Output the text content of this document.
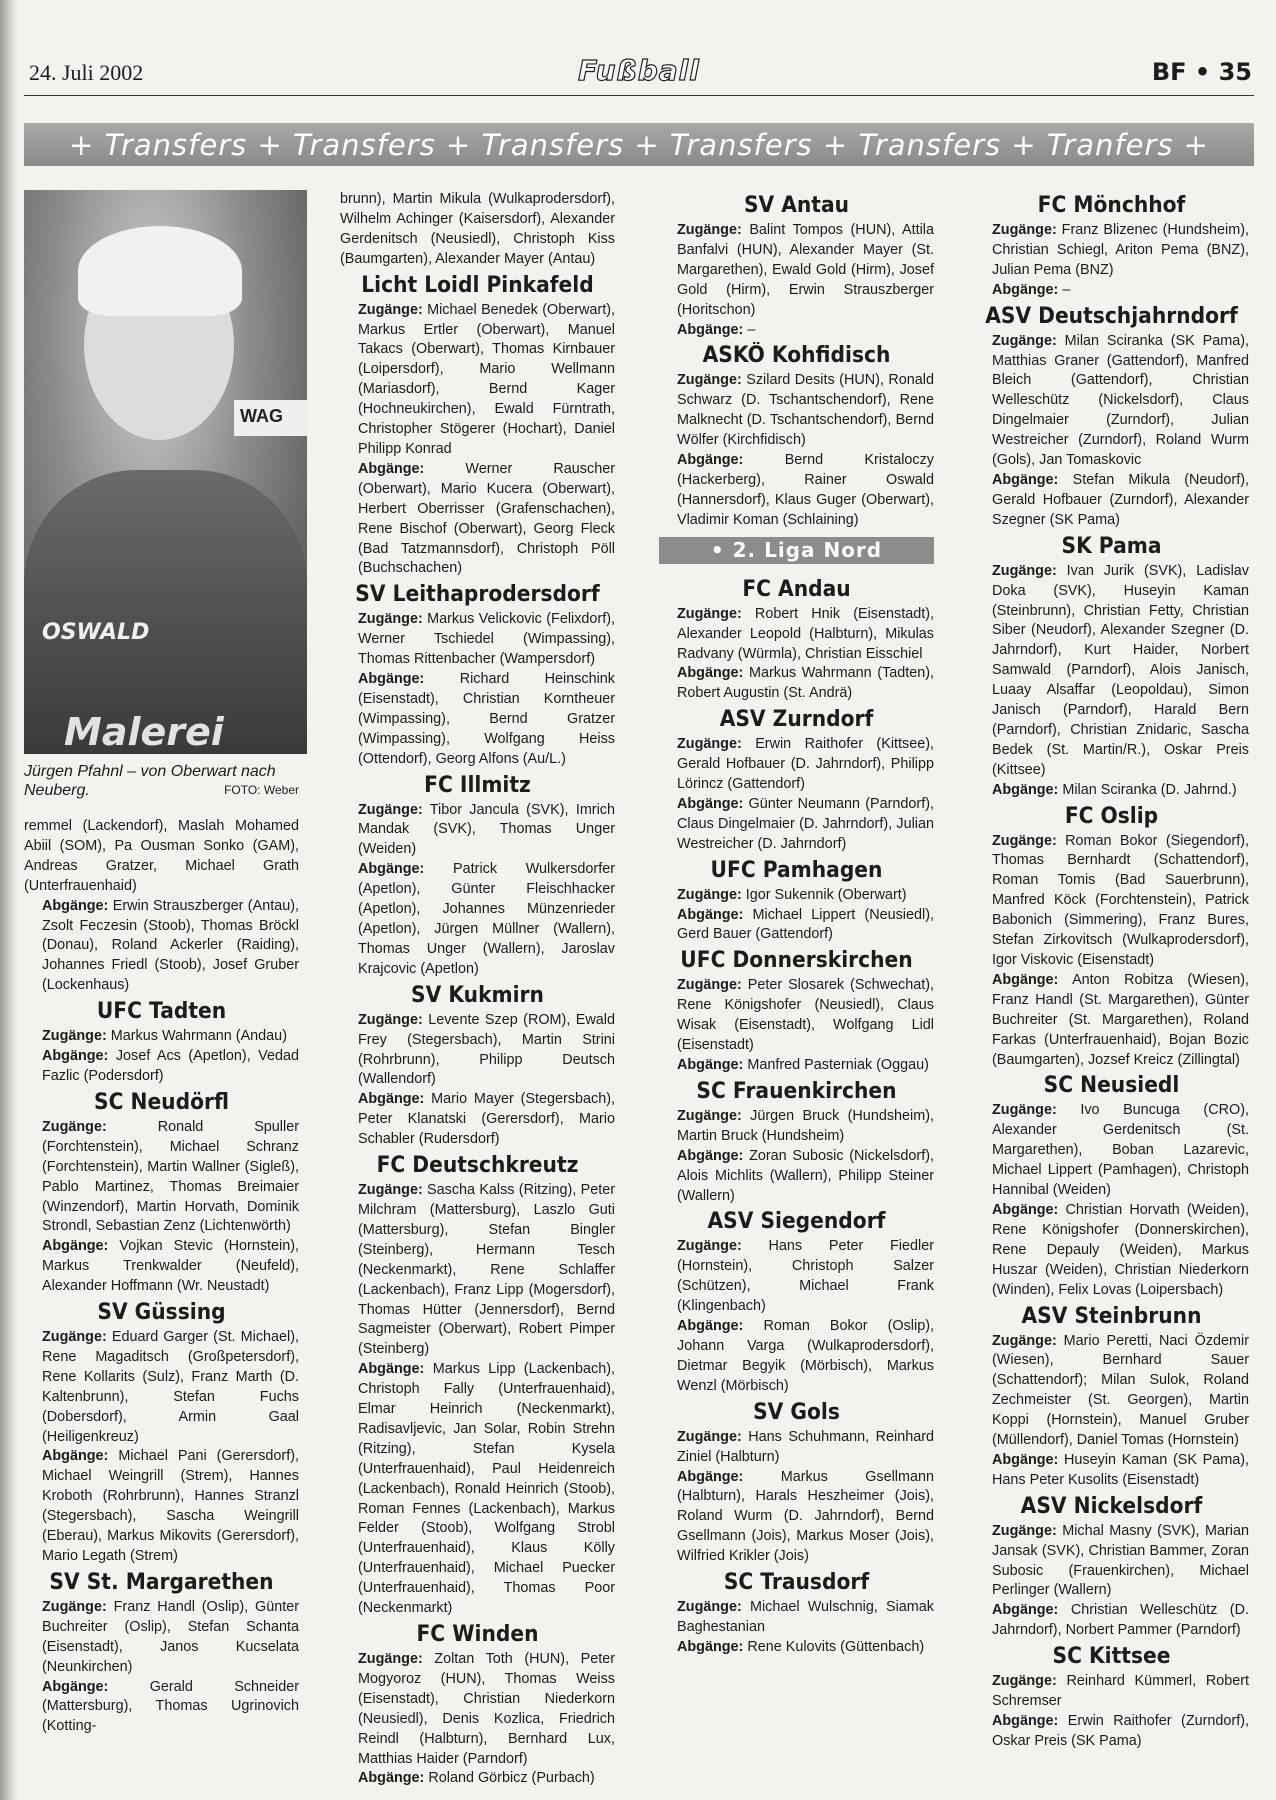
24. Juli 2002	Fußball	BF • 35
+ Transfers + Transfers + Transfers + Transfers + Transfers + Tranfers +
WAG
OSWALD
Malerei
Jürgen Pfahnl – von Oberwart nach Neuberg.	FOTO: Weber

remmel (Lackendorf), Maslah Mohamed Abiil (SOM), Pa Ousman Sonko (GAM), Andreas Gratzer, Michael Grath (Unterfrauenhaid)

Abgänge: Erwin Strauszberger (Antau), Zsolt Feczesin (Stoob), Thomas Bröckl (Donau), Roland Ackerler (Raiding), Johannes Friedl (Stoob), Josef Gruber (Lockenhaus)

UFC Tadten

Zugänge: Markus Wahrmann (Andau)

Abgänge: Josef Acs (Apetlon), Vedad Fazlic (Podersdorf)

SC Neudörfl

Zugänge:	Ronald Spuller (Forchtenstein), Michael Schranz (Forchtenstein), Martin Wallner (Sigleß), Pablo Martinez, Thomas Breimaier (Winzendorf), Martin Horvath, Dominik Strondl, Sebastian Zenz (Lichtenwörth)

Abgänge: Vojkan Stevic (Hornstein), Markus Trenkwalder (Neufeld), Alexander Hoffmann (Wr. Neustadt)

SV Güssing

Zugänge: Eduard Garger (St. Michael), Rene Magaditsch (Großpetersdorf), Rene Kollarits (Sulz), Franz Marth (D. Kaltenbrunn), Stefan Fuchs (Dobersdorf), Armin Gaal (Heiligenkreuz)

Abgänge: Michael Pani (Gerersdorf), Michael Weingrill (Strem), Hannes Kroboth (Rohrbrunn), Hannes Stranzl (Stegersbach), Sascha Weingrill (Eberau), Markus Mikovits (Gerersdorf), Mario Legath (Strem)

SV St. Margarethen

Zugänge: Franz Handl (Oslip), Günter Buchreiter (Oslip), Stefan Schanta (Eisenstadt), Janos Kucselata (Neunkirchen)

Abgänge:	Gerald Schneider (Mattersburg), Thomas Ugrinovich (Kotting-

brunn), Martin Mikula (Wulkaprodersdorf), Wilhelm Achinger (Kaisersdorf), Alexander Gerdenitsch (Neusiedl), Christoph Kiss (Baumgarten), Alexander Mayer (Antau)

Licht Loidl Pinkafeld

Zugänge: Michael Benedek (Oberwart), Markus Ertler (Oberwart), Manuel Takacs (Oberwart), Thomas Kirnbauer (Loipersdorf), Mario Wellmann (Mariasdorf), Bernd Kager (Hochneukirchen), Ewald Fürntrath, Christopher Stögerer (Hochart), Daniel Philipp Konrad

Abgänge:	Werner Rauscher (Oberwart), Mario Kucera (Oberwart), Herbert Oberrisser (Grafenschachen), Rene Bischof (Oberwart), Georg Fleck (Bad Tatzmannsdorf), Christoph Pöll (Buchschachen)

SV Leithaprodersdorf

Zugänge: Markus Velickovic (Felixdorf), Werner Tschiedel (Wimpassing), Thomas Rittenbacher (Wampersdorf)

Abgänge: Richard Heinschink (Eisenstadt), Christian Korntheuer (Wimpassing), Bernd Gratzer (Wimpassing), Wolfgang Heiss (Ottendorf), Georg Alfons (Au/L.)

FC Illmitz

Zugänge: Tibor Jancula (SVK), Imrich Mandak (SVK), Thomas Unger (Weiden)

Abgänge: Patrick Wulkersdorfer (Apetlon), Günter Fleischhacker (Apetlon), Johannes Münzenrieder (Apetlon), Jürgen Müllner (Wallern), Thomas Unger (Wallern), Jaroslav Krajcovic (Apetlon)

SV Kukmirn

Zugänge: Levente Szep (ROM), Ewald Frey (Stegersbach), Martin Strini (Rohrbrunn), Philipp Deutsch (Wallendorf)

Abgänge: Mario Mayer (Stegersbach), Peter Klanatski (Gerersdorf), Mario Schabler (Rudersdorf)

FC Deutschkreutz

Zugänge: Sascha Kalss (Ritzing), Peter Milchram (Mattersburg), Laszlo Guti (Mattersburg), Stefan Bingler (Steinberg), Hermann Tesch (Neckenmarkt), Rene Schlaffer (Lackenbach), Franz Lipp (Mogersdorf), Thomas Hütter (Jennersdorf), Bernd Sagmeister (Oberwart), Robert Pimper (Steinberg)

Abgänge: Markus Lipp (Lackenbach), Christoph Fally (Unterfrauenhaid), Elmar Heinrich (Neckenmarkt), Radisavljevic, Jan Solar, Robin Strehn (Ritzing), Stefan Kysela (Unterfrauenhaid), Paul Heidenreich (Lackenbach), Ronald Heinrich (Stoob), Roman Fennes (Lackenbach), Markus Felder (Stoob), Wolfgang Strobl (Unterfrauenhaid), Klaus Kölly (Unterfrauenhaid), Michael Puecker (Unterfrauenhaid), Thomas Poor (Neckenmarkt)

FC Winden

Zugänge: Zoltan Toth (HUN), Peter Mogyoroz (HUN), Thomas Weiss (Eisenstadt), Christian Niederkorn (Neusiedl), Denis Kozlica, Friedrich Reindl (Halbturn), Bernhard Lux, Matthias Haider (Parndorf)

Abgänge: Roland Görbicz (Purbach)

SV Antau

Zugänge: Balint Tompos (HUN), Attila Banfalvi (HUN), Alexander Mayer (St. Margarethen), Ewald Gold (Hirm), Josef Gold (Hirm), Erwin Strauszberger (Horitschon)

Abgänge: –

ASKÖ Kohfidisch

Zugänge: Szilard Desits (HUN), Ronald Schwarz (D. Tschantschendorf), Rene Malknecht (D. Tschantschendorf), Bernd Wölfer (Kirchfidisch)

Abgänge:	Bernd Kristaloczy (Hackerberg), Rainer Oswald (Hannersdorf), Klaus Guger (Oberwart), Vladimir Koman (Schlaining)

• 2. Liga Nord
FC Andau

Zugänge: Robert Hnik (Eisenstadt), Alexander Leopold (Halbturn), Mikulas Radvany (Würmla), Christian Eisschiel

Abgänge: Markus Wahrmann (Tadten), Robert Augustin (St. Andrä)

ASV Zurndorf

Zugänge: Erwin Raithofer (Kittsee), Gerald Hofbauer (D. Jahrndorf), Philipp Lörincz (Gattendorf)

Abgänge: Günter Neumann (Parndorf), Claus Dingelmaier (D. Jahrndorf), Julian Westreicher (D. Jahrndorf)

UFC Pamhagen

Zugänge: Igor Sukennik (Oberwart)

Abgänge: Michael Lippert (Neusiedl), Gerd Bauer (Gattendorf)

UFC Donnerskirchen

Zugänge: Peter Slosarek (Schwechat), Rene Königshofer (Neusiedl), Claus Wisak (Eisenstadt), Wolfgang Lidl (Eisenstadt)

Abgänge: Manfred Pasterniak (Oggau)

SC Frauenkirchen

Zugänge: Jürgen Bruck (Hundsheim), Martin Bruck (Hundsheim)

Abgänge: Zoran Subosic (Nickelsdorf), Alois Michlits (Wallern), Philipp Steiner (Wallern)

ASV Siegendorf

Zugänge: Hans Peter Fiedler (Hornstein), Christoph Salzer (Schützen), Michael Frank (Klingenbach)

Abgänge: Roman Bokor (Oslip), Johann Varga (Wulkaprodersdorf), Dietmar Begyik (Mörbisch), Markus Wenzl (Mörbisch)

SV Gols

Zugänge: Hans Schuhmann, Reinhard Ziniel (Halbturn)

Abgänge:	Markus Gsellmann (Halbturn), Harals Heszheimer (Jois), Roland Wurm (D. Jahrndorf), Bernd Gsellmann (Jois), Markus Moser (Jois), Wilfried Krikler (Jois)

SC Trausdorf

Zugänge: Michael Wulschnig, Siamak Baghestanian

Abgänge: Rene Kulovits (Güttenbach)

FC Mönchhof

Zugänge: Franz Blizenec (Hundsheim), Christian Schiegl, Ariton Pema (BNZ), Julian Pema (BNZ)

Abgänge: –

ASV Deutschjahrndorf

Zugänge: Milan Sciranka (SK Pama), Matthias Graner (Gattendorf), Manfred Bleich (Gattendorf), Christian Welleschütz (Nickelsdorf), Claus Dingelmaier (Zurndorf), Julian Westreicher (Zurndorf), Roland Wurm (Gols), Jan Tomaskovic

Abgänge: Stefan Mikula (Neudorf), Gerald Hofbauer (Zurndorf), Alexander Szegner (SK Pama)

SK Pama

Zugänge: Ivan Jurik (SVK), Ladislav Doka (SVK), Huseyin Kaman (Steinbrunn), Christian Fetty, Christian Siber (Neudorf), Alexander Szegner (D. Jahrndorf), Kurt Haider, Norbert Samwald (Parndorf), Alois Janisch, Luaay Alsaffar (Leopoldau), Simon Janisch (Parndorf), Harald Bern (Parndorf), Christian Znidaric, Sascha Bedek (St. Martin/R.), Oskar Preis (Kittsee)

Abgänge: Milan Sciranka (D. Jahrnd.)

FC Oslip

Zugänge: Roman Bokor (Siegendorf), Thomas Bernhardt (Schattendorf), Roman Tomis (Bad Sauerbrunn), Manfred Köck (Forchtenstein), Patrick Babonich (Simmering), Franz Bures, Stefan Zirkovitsch (Wulkaprodersdorf), Igor Viskovic (Eisenstadt)

Abgänge: Anton Robitza (Wiesen), Franz Handl (St. Margarethen), Günter Buchreiter (St. Margarethen), Roland Farkas (Unterfrauenhaid), Bojan Bozic (Baumgarten), Jozsef Kreicz (Zillingtal)

SC Neusiedl

Zugänge: Ivo Buncuga (CRO), Alexander Gerdenitsch (St. Margarethen), Boban Lazarevic, Michael Lippert (Pamhagen), Christoph Hannibal (Weiden)

Abgänge: Christian Horvath (Weiden), Rene Königshofer (Donnerskirchen), Rene Depauly (Weiden), Markus Huszar (Weiden), Christian Niederkorn (Winden), Felix Lovas (Loipersbach)

ASV Steinbrunn

Zugänge: Mario Peretti, Naci Özdemir (Wiesen), Bernhard Sauer (Schattendorf); Milan Sulok, Roland Zechmeister (St. Georgen), Martin Koppi (Hornstein), Manuel Gruber (Müllendorf), Daniel Tomas (Hornstein)

Abgänge: Huseyin Kaman (SK Pama), Hans Peter Kusolits (Eisenstadt)

ASV Nickelsdorf

Zugänge: Michal Masny (SVK), Marian Jansak (SVK), Christian Bammer, Zoran Subosic (Frauenkirchen), Michael Perlinger (Wallern)

Abgänge: Christian Welleschütz (D. Jahrndorf), Norbert Pammer (Parndorf)

SC Kittsee

Zugänge: Reinhard Kümmerl, Robert Schremser

Abgänge: Erwin Raithofer (Zurndorf), Oskar Preis (SK Pama)
